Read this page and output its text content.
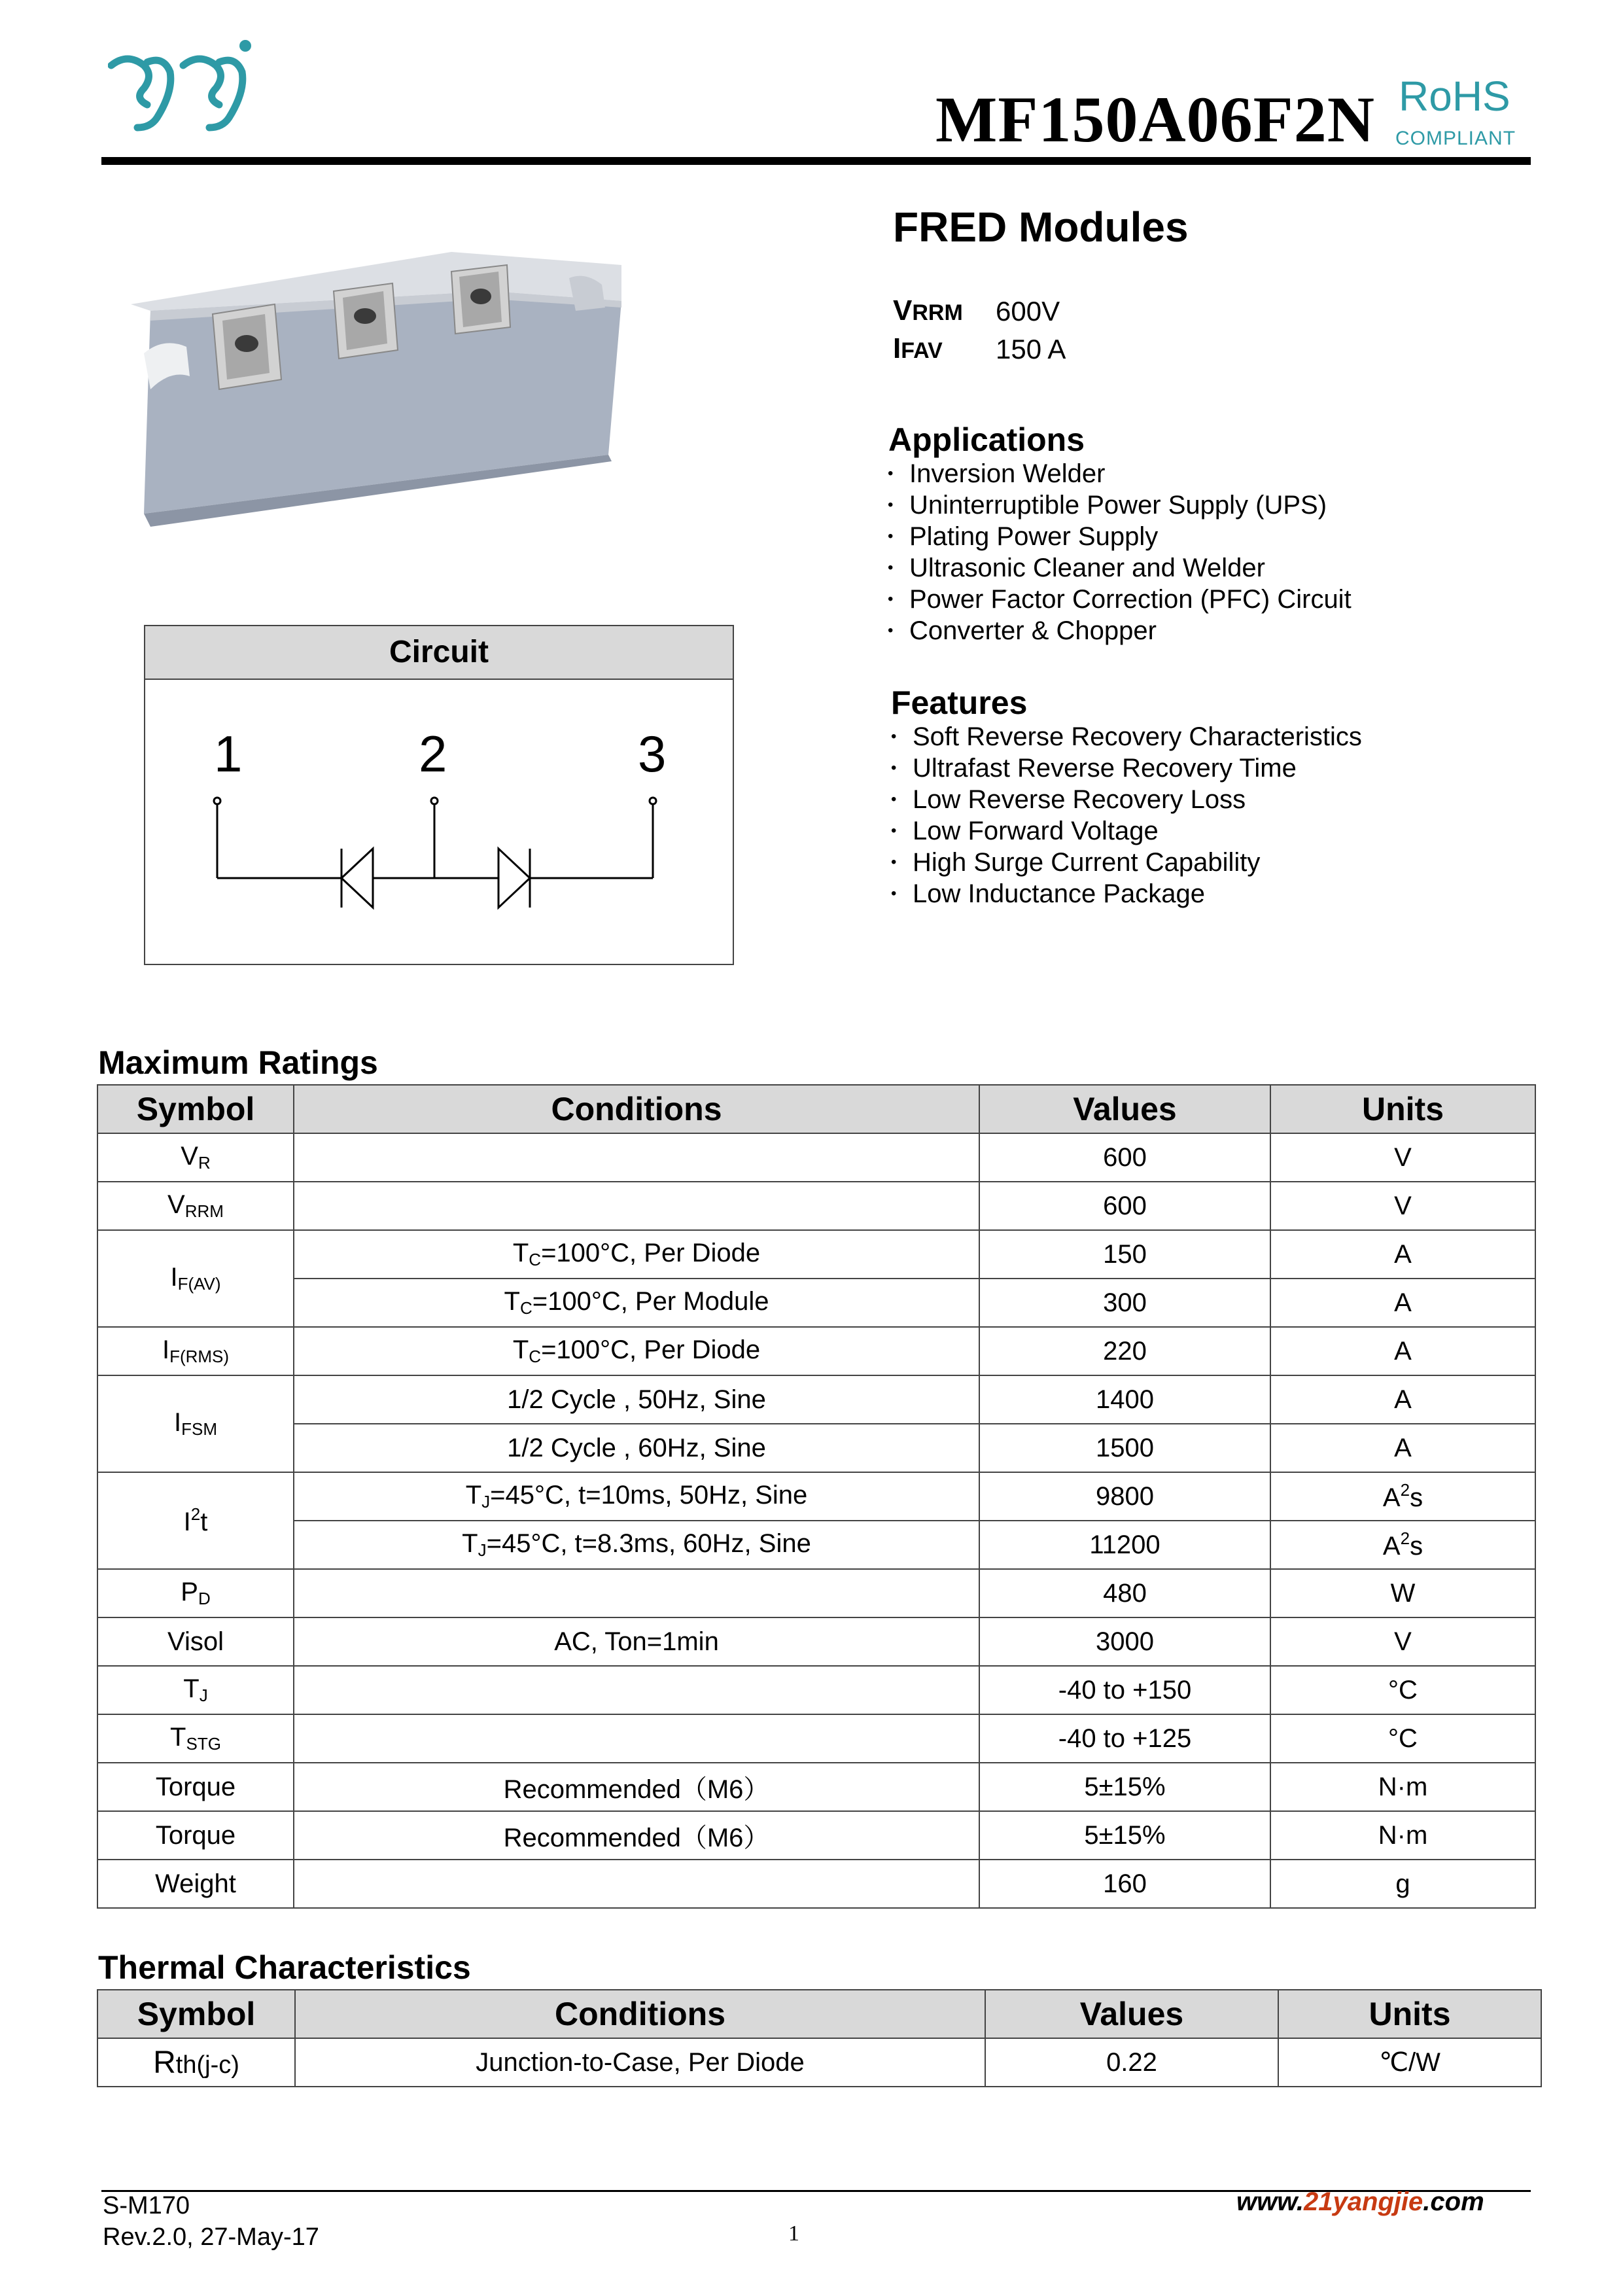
MF150A06F2N RoHS
COMPLIANT
FRED Modules
VRRM 600V
IFAV 150 A
Applications
• Inversion Welder
• Uninterruptible Power Supply (UPS)
• Plating Power Supply
• Ultrasonic Cleaner and Welder
• Power Factor Correction (PFC) Circuit
• Converter & Chopper
Features
• Soft Reverse Recovery Characteristics
• Ultrafast Reverse Recovery Time
• Low Reverse Recovery Loss
• Low Forward Voltage
• High Surge Current Capability
• Low Inductance Package
Circuit
1	2	3
Maximum Ratings
Symbol	Conditions	Values	Units
$V_R$		600	V
$V_{RRM}$		600	V
$I_{F(AV)}$	$T_C=100^\circ C$, Per Diode	150	A
	$T_C=100^\circ C$, Per Module	300	A
$I_{F(RMS)}$	$T_C=100^\circ C$, Per Diode	220	A
$I_{FSM}$	1/2 Cycle , 50Hz, Sine	1400	A
	1/2 Cycle , 60Hz, Sine	1500	A
$I^2t$	$T_J=45^\circ C$, t=10ms, 50Hz, Sine	9800	$A^2s$
	$T_J=45^\circ C$, t=8.3ms, 60Hz, Sine	11200	$A^2s$
$P_D$		480	W
Visol	AC, Ton=1min	3000	V
$T_J$		-40 to +150	°C
$T_{STG}$		-40 to +125	°C
Torque	Recommended（M6）	5±15%	N·m
Torque	Recommended（M6）	5±15%	N·m
Weight		160	g
Thermal Characteristics
Symbol	Conditions	Values	Units
Rth(j-c)	Junction-to-Case, Per Diode	0.22	℃/W
S-M170
Rev.2.0, 27-May-17	1
www.21yangjie.com
